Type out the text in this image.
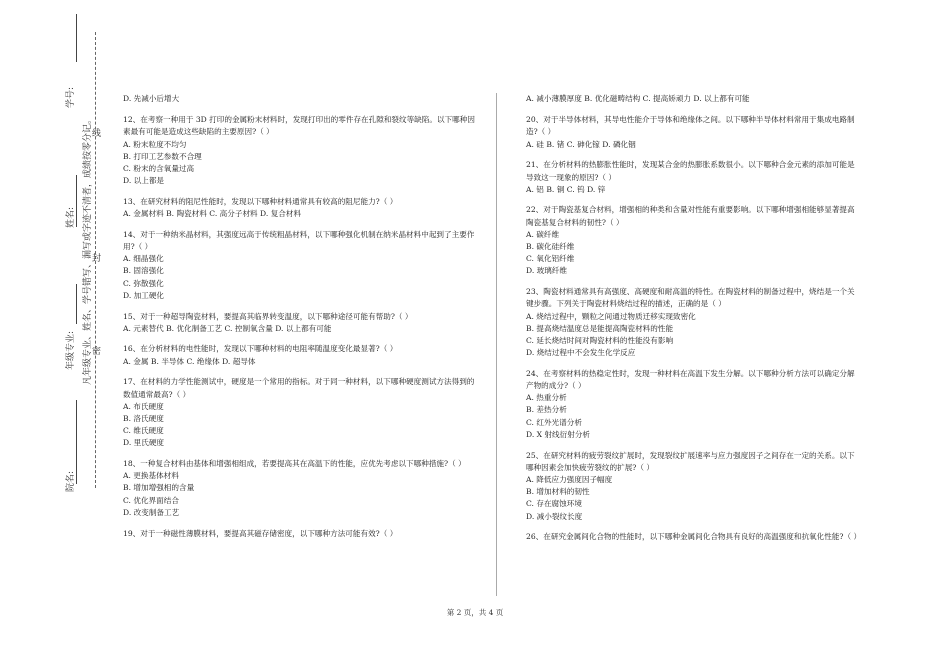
学号:
姓名:
年级专业:
院名:
凡年级专业、姓名、学号错写、漏写或字迹不清者，成绩按零分记。 密
封
线

D. 先减小后增大

12、在考察一种用于 3D 打印的金属粉末材料时，发现打印出的零件存在孔隙和裂纹等缺陷。以下哪种因素最有可能是造成这些缺陷的主要原因?（ ）

A. 粉末粒度不均匀

B. 打印工艺参数不合理

C. 粉末的含氧量过高

D. 以上都是

13、在研究材料的阻尼性能时，发现以下哪种材料通常具有较高的阻尼能力?（ ）

A. 金属材料 B. 陶瓷材料 C. 高分子材料 D. 复合材料

14、对于一种纳米晶材料，其强度远高于传统粗晶材料，以下哪种强化机制在纳米晶材料中起到了主要作用?（ ）

A. 细晶强化

B. 固溶强化

C. 弥散强化

D. 加工硬化

15、对于一种超导陶瓷材料，要提高其临界转变温度，以下哪种途径可能有帮助?（ ）

A. 元素替代 B. 优化制备工艺 C. 控制氧含量 D. 以上都有可能

16、在分析材料的电性能时，发现以下哪种材料的电阻率随温度变化最显著?（ ）

A. 金属 B. 半导体 C. 绝缘体 D. 超导体

17、在材料的力学性能测试中，硬度是一个常用的指标。对于同一种材料，以下哪种硬度测试方法得到的数值通常最高?（ ）

A. 布氏硬度

B. 洛氏硬度

C. 维氏硬度

D. 里氏硬度

18、一种复合材料由基体和增强相组成，若要提高其在高温下的性能，应优先考虑以下哪种措施?（ ）

A. 更换基体材料

B. 增加增强相的含量

C. 优化界面结合

D. 改变制备工艺

19、对于一种磁性薄膜材料，要提高其磁存储密度，以下哪种方法可能有效?（ ）

A. 减小薄膜厚度 B. 优化磁畴结构 C. 提高矫顽力 D. 以上都有可能

20、对于半导体材料，其导电性能介于导体和绝缘体之间。以下哪种半导体材料常用于集成电路制造?（ ）

A. 硅 B. 锗 C. 砷化镓 D. 磷化铟

21、在分析材料的热膨胀性能时，发现某合金的热膨胀系数很小。以下哪种合金元素的添加可能是导致这一现象的原因?（ ）

A. 铝 B. 铜 C. 钨 D. 锌

22、对于陶瓷基复合材料，增强相的种类和含量对性能有重要影响。以下哪种增强相能够显著提高陶瓷基复合材料的韧性?（ ）

A. 碳纤维

B. 碳化硅纤维

C. 氧化铝纤维

D. 玻璃纤维

23、陶瓷材料通常具有高强度、高硬度和耐高温的特性。在陶瓷材料的制备过程中，烧结是一个关键步骤。下列关于陶瓷材料烧结过程的描述，正确的是（ ）

A. 烧结过程中，颗粒之间通过物质迁移实现致密化

B. 提高烧结温度总是能提高陶瓷材料的性能

C. 延长烧结时间对陶瓷材料的性能没有影响

D. 烧结过程中不会发生化学反应

24、在考察材料的热稳定性时，发现一种材料在高温下发生分解。以下哪种分析方法可以确定分解产物的成分?（ ）

A. 热重分析

B. 差热分析

C. 红外光谱分析

D. X 射线衍射分析

25、在研究材料的疲劳裂纹扩展时，发现裂纹扩展速率与应力强度因子之间存在一定的关系。以下哪种因素会加快疲劳裂纹的扩展?（ ）

A. 降低应力强度因子幅度

B. 增加材料的韧性

C. 存在腐蚀环境

D. 减小裂纹长度

26、在研究金属间化合物的性能时，以下哪种金属间化合物具有良好的高温强度和抗氧化性能?（ ）

第 2 页，共 4 页
